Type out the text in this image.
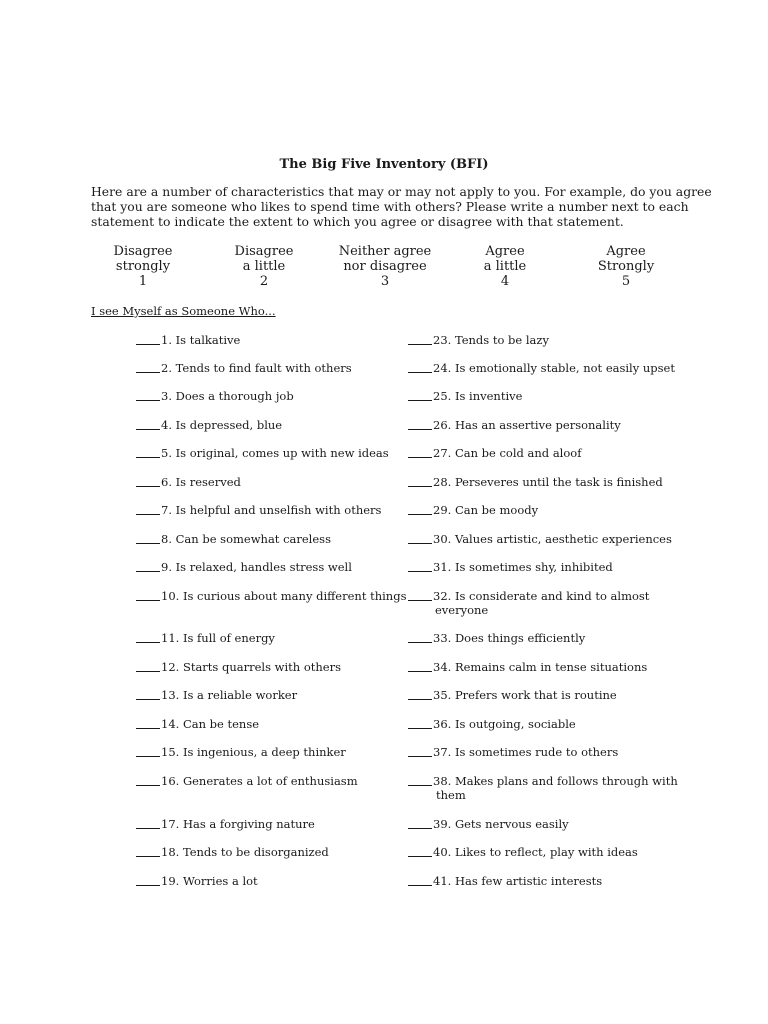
The Big Five Inventory (BFI)
Here are a number of characteristics that may or may not apply to you. For example, do you agree
that you are someone who likes to spend time with others? Please write a number next to each
statement to indicate the extent to which you agree or disagree with that statement.
Disagree
strongly
1
Disagree
a little
2
Neither agree
nor disagree
3
Agree
a little
4
Agree
Strongly
5
I see Myself as Someone Who...
1. Is talkative
2. Tends to find fault with others
3. Does a thorough job
4. Is depressed, blue
5. Is original, comes up with new ideas
6. Is reserved
7. Is helpful and unselfish with others
8. Can be somewhat careless
9. Is relaxed, handles stress well
10. Is curious about many different things
11. Is full of energy
12. Starts quarrels with others
13. Is a reliable worker
14. Can be tense
15. Is ingenious, a deep thinker
16. Generates a lot of enthusiasm
17. Has a forgiving nature
18. Tends to be disorganized
19. Worries a lot
23. Tends to be lazy
24. Is emotionally stable, not easily upset
25. Is inventive
26. Has an assertive personality
27. Can be cold and aloof
28. Perseveres until the task is finished
29. Can be moody
30. Values artistic, aesthetic experiences
31. Is sometimes shy, inhibited
32. Is considerate and kind to almost
everyone
33. Does things efficiently
34. Remains calm in tense situations
35. Prefers work that is routine
36. Is outgoing, sociable
37. Is sometimes rude to others
38. Makes plans and follows through with
them
39. Gets nervous easily
40. Likes to reflect, play with ideas
41. Has few artistic interests
